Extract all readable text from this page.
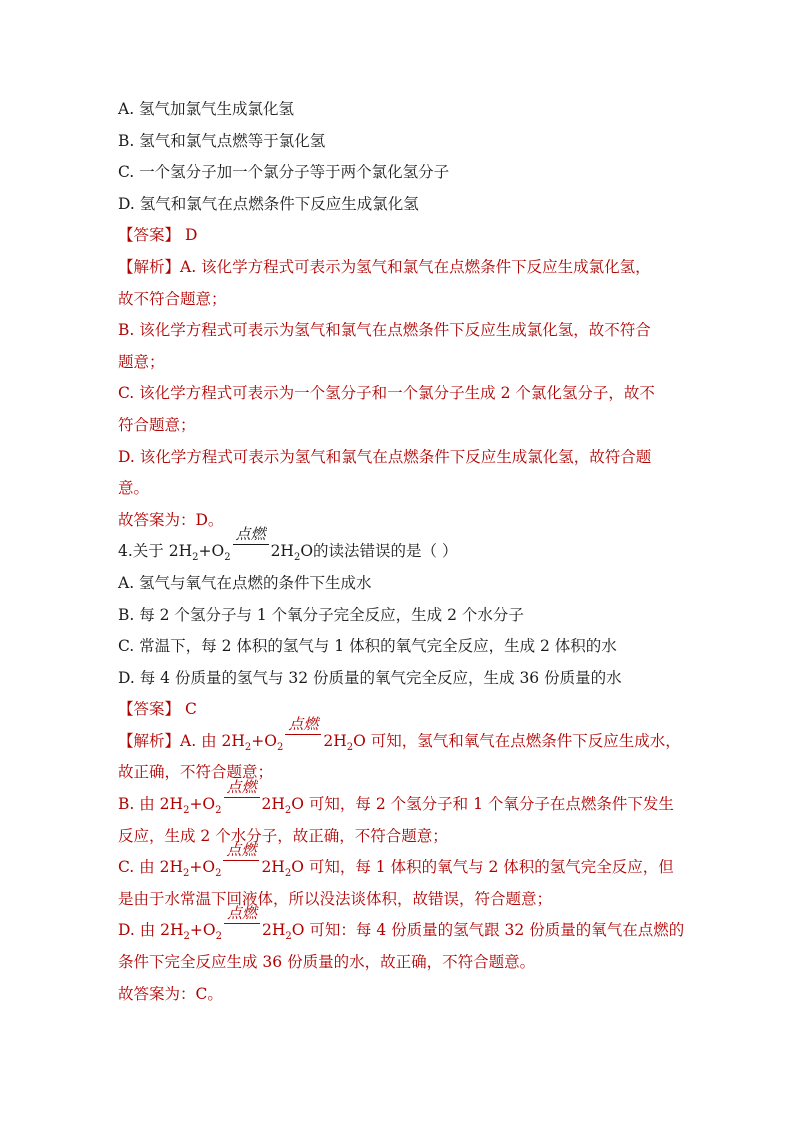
A. 氢气加氯气生成氯化氢
B. 氢气和氯气点燃等于氯化氢
C. 一个氢分子加一个氯分子等于两个氯化氢分子
D. 氢气和氯气在点燃条件下反应生成氯化氢
【答案】 D
【解析】A. 该化学方程式可表示为氢气和氯气在点燃条件下反应生成氯化氢，
故不符合题意；
B. 该化学方程式可表示为氢气和氯气在点燃条件下反应生成氯化氢，故不符合
题意；
C. 该化学方程式可表示为一个氢分子和一个氯分子生成 2 个氯化氢分子，故不
符合题意；
D. 该化学方程式可表示为氢气和氯气在点燃条件下反应生成氯化氢，故符合题
意。
故答案为：D。
4.关于 $2H_2+O_2$
点燃
$2H_2O$的读法错误的是（ ）
A. 氢气与氧气在点燃的条件下生成水
B. 每 2 个氢分子与 1 个氧分子完全反应，生成 2 个水分子
C. 常温下，每 2 体积的氢气与 1 体积的氧气完全反应，生成 2 体积的水
D. 每 4 份质量的氢气与 32 份质量的氧气完全反应，生成 36 份质量的水
【答案】 C
【解析】A. 由 $2H_2+O_2$
点燃
$2H_2O$ 可知，氢气和氧气在点燃条件下反应生成水，
故正确，不符合题意；
B. 由 $2H_2+O_2$
点燃
$2H_2O$ 可知，每 2 个氢分子和 1 个氧分子在点燃条件下发生
反应，生成 2 个水分子，故正确，不符合题意；
C. 由 $2H_2+O_2$
点燃
$2H_2O$ 可知，每 1 体积的氧气与 2 体积的氢气完全反应，但
是由于水常温下回液体，所以没法谈体积，故错误，符合题意；
D. 由 $2H_2+O_2$
点燃
$2H_2O$ 可知：每 4 份质量的氢气跟 32 份质量的氧气在点燃的
条件下完全反应生成 36 份质量的水，故正确，不符合题意。
故答案为：C。
